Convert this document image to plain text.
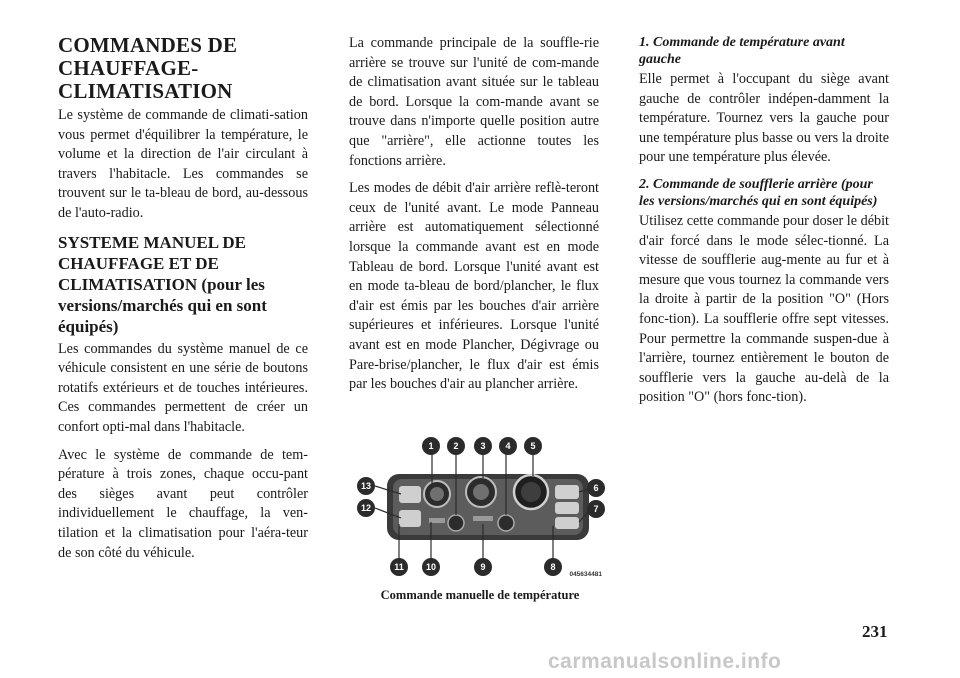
COMMANDES DE CHAUFFAGE-CLIMATISATION

Le système de commande de climati-sation vous permet d'équilibrer la température, le volume et la direction de l'air circulant à travers l'habitacle. Les commandes se trouvent sur le ta-bleau de bord, au-dessous de l'auto-radio.

SYSTEME MANUEL DE CHAUFFAGE ET DE CLIMATISATION (pour les versions/marchés qui en sont équipés)

Les commandes du système manuel de ce véhicule consistent en une série de boutons rotatifs extérieurs et de touches intérieures. Ces commandes permettent de créer un confort opti-mal dans l'habitacle.

Avec le système de commande de tem-pérature à trois zones, chaque occu-pant des sièges avant peut contrôler individuellement le chauffage, la ven-tilation et la climatisation pour l'aéra-teur de son côté du véhicule.

La commande principale de la souffle-rie arrière se trouve sur l'unité de com-mande de climatisation avant située sur le tableau de bord. Lorsque la com-mande avant se trouve dans n'importe quelle position autre que "arrière", elle actionne toutes les fonctions arrière.

Les modes de débit d'air arrière reflè-teront ceux de l'unité avant. Le mode Panneau arrière est automatiquement sélectionné lorsque la commande avant est en mode Tableau de bord. Lorsque l'unité avant est en mode ta-bleau de bord/plancher, le flux d'air est émis par les bouches d'air arrière supérieures et inférieures. Lorsque l'unité avant est en mode Plancher, Dégivrage ou Pare-brise/plancher, le flux d'air est émis par les bouches d'air au plancher arrière.

1 2 3 4 5
6
7
8
9
10
11
12
13
045634481
Commande manuelle de température
1. Commande de température avant gauche

Elle permet à l'occupant du siège avant gauche de contrôler indépen-damment la température. Tournez vers la gauche pour une température plus basse ou vers la droite pour une température plus élevée.

2. Commande de soufflerie arrière (pour les versions/marchés qui en sont équipés)

Utilisez cette commande pour doser le débit d'air forcé dans le mode sélec-tionné. La vitesse de soufflerie aug-mente au fur et à mesure que vous tournez la commande vers la droite à partir de la position "O" (Hors fonc-tion). La soufflerie offre sept vitesses. Pour permettre la commande suspen-due à l'arrière, tournez entièrement le bouton de soufflerie vers la gauche au-delà de la position "O" (hors fonc-tion).

231
carmanualsonline.info
